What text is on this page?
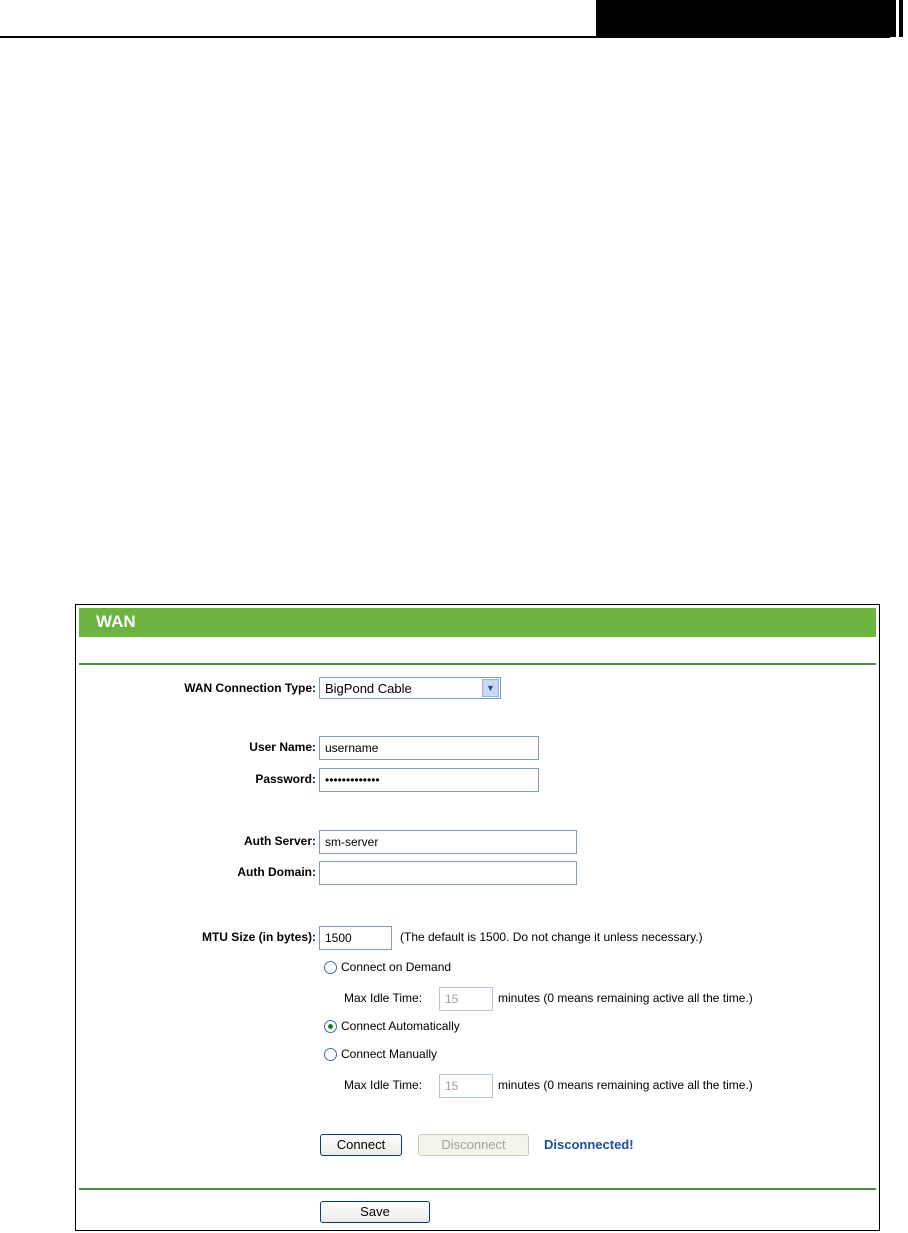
WAN
WAN Connection Type: BigPond Cable	▼
User Name: username
Password: •••••••••••••
Auth Server: sm-server
Auth Domain:
MTU Size (in bytes): 1500	(The default is 1500. Do not change it unless necessary.)
Connect on Demand
Max Idle Time:	15	minutes (0 means remaining active all the time.)
Connect Automatically
Connect Manually
Max Idle Time:	15	minutes (0 means remaining active all the time.)
Connect	Disconnect	Disconnected!
Save
